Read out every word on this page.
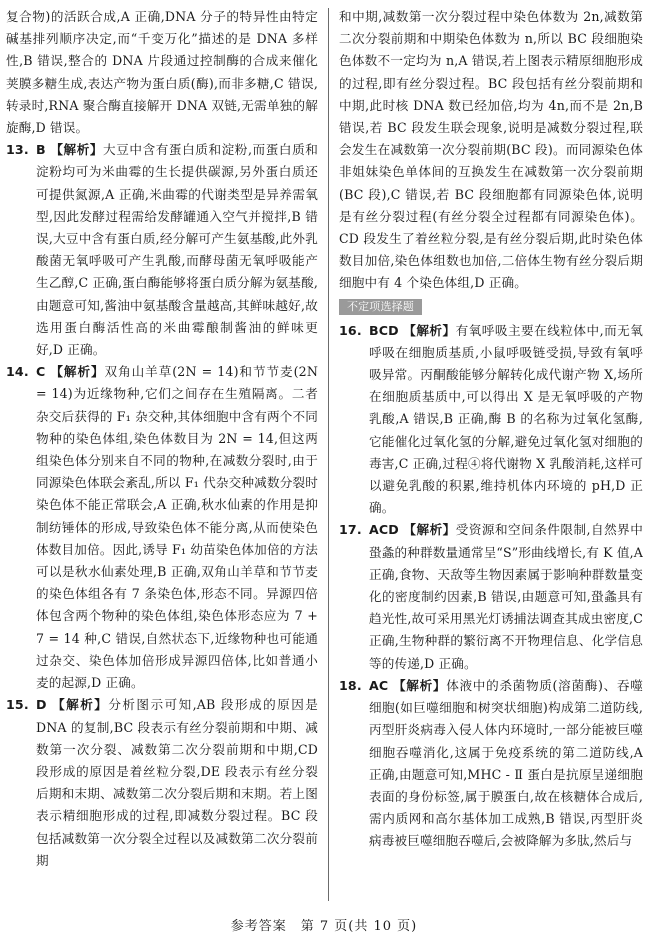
复合物)的活跃合成,A 正确,DNA 分子的特异性由特定碱基排列顺序决定,而“千变万化”描述的是 DNA 多样性,B 错误,整合的 DNA 片段通过控制酶的合成来催化荚膜多糖生成,表达产物为蛋白质(酶),而非多糖,C 错误,转录时,RNA 聚合酶直接解开 DNA 双链,无需单独的解旋酶,D 错误。

13. B 【解析】大豆中含有蛋白质和淀粉,而蛋白质和淀粉均可为米曲霉的生长提供碳源,另外蛋白质还可提供氮源,A 正确,米曲霉的代谢类型是异养需氧型,因此发酵过程需给发酵罐通入空气并搅拌,B 错误,大豆中含有蛋白质,经分解可产生氨基酸,此外乳酸菌无氧呼吸可产生乳酸,而酵母菌无氧呼吸能产生乙醇,C 正确,蛋白酶能够将蛋白质分解为氨基酸,由题意可知,酱油中氨基酸含量越高,其鲜味越好,故选用蛋白酶活性高的米曲霉酿制酱油的鲜味更好,D 正确。
14. C 【解析】双角山羊草(2N = 14)和节节麦(2N = 14)为近缘物种,它们之间存在生殖隔离。二者杂交后获得的 F₁ 杂交种,其体细胞中含有两个不同物种的染色体组,染色体数目为 2N = 14,但这两组染色体分别来自不同的物种,在减数分裂时,由于同源染色体联会紊乱,所以 F₁ 代杂交种减数分裂时染色体不能正常联会,A 正确,秋水仙素的作用是抑制纺锤体的形成,导致染色体不能分离,从而使染色体数目加倍。因此,诱导 F₁ 幼苗染色体加倍的方法可以是秋水仙素处理,B 正确,双角山羊草和节节麦的染色体组各有 7 条染色体,形态不同。异源四倍体包含两个物种的染色体组,染色体形态应为 7 + 7 = 14 种,C 错误,自然状态下,近缘物种也可能通过杂交、染色体加倍形成异源四倍体,比如普通小麦的起源,D 正确。
15. D 【解析】分析图示可知,AB 段形成的原因是 DNA 的复制,BC 段表示有丝分裂前期和中期、减数第一次分裂、减数第二次分裂前期和中期,CD 段形成的原因是着丝粒分裂,DE 段表示有丝分裂后期和末期、减数第二次分裂后期和末期。若上图表示精细胞形成的过程,即减数分裂过程。BC 段包括减数第一次分裂全过程以及减数第二次分裂前期

和中期,减数第一次分裂过程中染色体数为 2n,减数第二次分裂前期和中期染色体数为 n,所以 BC 段细胞染色体数不一定均为 n,A 错误,若上图表示精原细胞形成的过程,即有丝分裂过程。BC 段包括有丝分裂前期和中期,此时核 DNA 数已经加倍,均为 4n,而不是 2n,B 错误,若 BC 段发生联会现象,说明是减数分裂过程,联会发生在减数第一次分裂前期(BC 段)。而同源染色体非姐妹染色单体间的互换发生在减数第一次分裂前期(BC 段),C 错误,若 BC 段细胞都有同源染色体,说明是有丝分裂过程(有丝分裂全过程都有同源染色体)。CD 段发生了着丝粒分裂,是有丝分裂后期,此时染色体数目加倍,染色体组数也加倍,二倍体生物有丝分裂后期细胞中有 4 个染色体组,D 正确。

不定项选择题
16. BCD 【解析】有氧呼吸主要在线粒体中,而无氧呼吸在细胞质基质,小鼠呼吸链受损,导致有氧呼吸异常。丙酮酸能够分解转化成代谢产物 X,场所在细胞质基质中,可以得出 X 是无氧呼吸的产物乳酸,A 错误,B 正确,酶 B 的名称为过氧化氢酶,它能催化过氧化氢的分解,避免过氧化氢对细胞的毒害,C 正确,过程④将代谢物 X 乳酸消耗,这样可以避免乳酸的积累,维持机体内环境的 pH,D 正确。
17. ACD 【解析】受资源和空间条件限制,自然界中蛩螽的种群数量通常呈“S”形曲线增长,有 K 值,A 正确,食物、天敌等生物因素属于影响种群数量变化的密度制约因素,B 错误,由题意可知,蛩螽具有趋光性,故可采用黑光灯诱捕法调查其成虫密度,C 正确,生物种群的繁衍离不开物理信息、化学信息等的传递,D 正确。
18. AC 【解析】体液中的杀菌物质(溶菌酶)、吞噬细胞(如巨噬细胞和树突状细胞)构成第二道防线,丙型肝炎病毒入侵人体内环境时,一部分能被巨噬细胞吞噬消化,这属于免疫系统的第二道防线,A 正确,由题意可知,MHC - Ⅱ 蛋白是抗原呈递细胞表面的身份标签,属于膜蛋白,故在核糖体合成后,需内质网和高尔基体加工成熟,B 错误,丙型肝炎病毒被巨噬细胞吞噬后,会被降解为多肽,然后与
参考答案　第 7 页(共 10 页)
